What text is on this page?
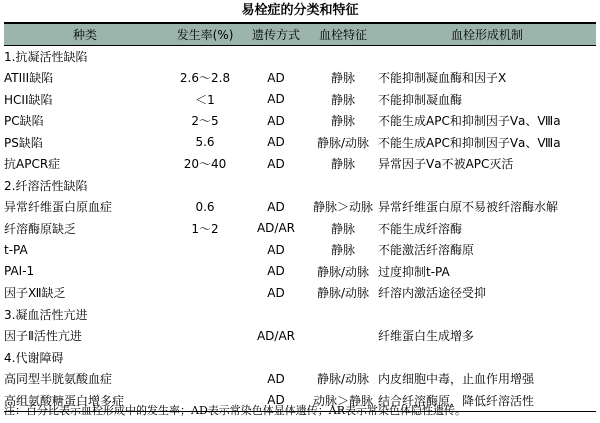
易栓症的分类和特征
种类	发生率(%)	遗传方式	血栓特征	血栓形成机制
1.抗凝活性缺陷				
ATIII缺陷	2.6～2.8	AD	静脉	不能抑制凝血酶和因子X
HCII缺陷	＜1	AD	静脉	不能抑制凝血酶
PC缺陷	2～5	AD	静脉	不能生成APC和抑制因子Ⅴa、Ⅷa
PS缺陷	5.6	AD	静脉/动脉	不能生成APC和抑制因子Ⅴa、Ⅷa
抗APCR症	20～40	AD	静脉	异常因子Ⅴa不被APC灭活
2.纤溶活性缺陷				
异常纤维蛋白原血症	0.6	AD	静脉＞动脉	异常纤维蛋白原不易被纤溶酶水解
纤溶酶原缺乏	1～2	AD/AR	静脉	不能生成纤溶酶
t-PA		AD	静脉	不能激活纤溶酶原
PAI-1		AD	静脉/动脉	过度抑制t-PA
因子Ⅻ缺乏		AD	静脉/动脉	纤溶内激活途径受抑
3.凝血活性亢进				
因子Ⅱ活性亢进		AD/AR		纤维蛋白生成增多
4.代谢障碍				
高同型半胱氨酸血症		AD	静脉/动脉	内皮细胞中毒，止血作用增强
高组氨酸糖蛋白增多症		AD	动脉＞静脉	结合纤溶酶原，降低纤溶活性
注：百分比表示血栓形成中的发生率；AD表示常染色体显体遗传；AR表示常染色体隐性遗传。
